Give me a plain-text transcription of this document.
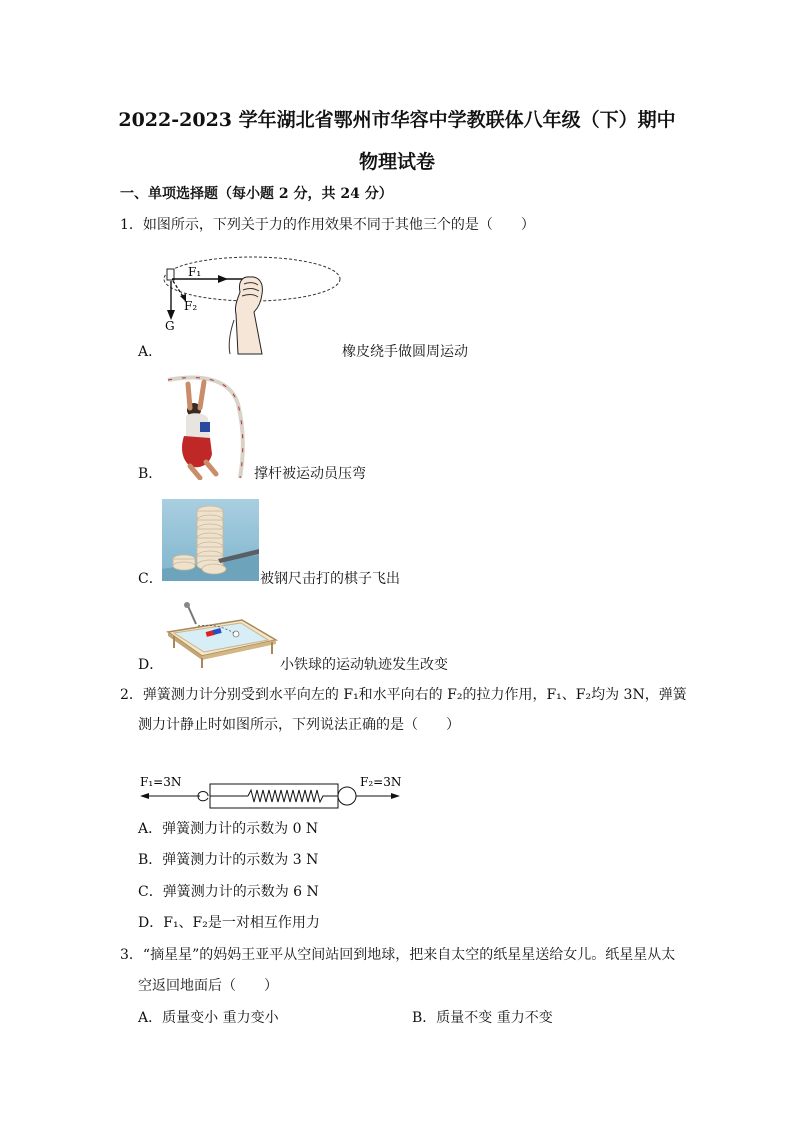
2022-2023 学年湖北省鄂州市华容中学教联体八年级（下）期中
物理试卷
一、单项选择题（每小题 2 分，共 24 分）
1．如图所示，下列关于力的作用效果不同于其他三个的是（　　）
F₁
F₂
G
A．	橡皮绕手做圆周运动
B．	撑杆被运动员压弯
C．	被钢尺击打的棋子飞出
D．	小铁球的运动轨迹发生改变
2．弹簧测力计分别受到水平向左的 F₁和水平向右的 F₂的拉力作用，F₁、F₂均为 3N，弹簧
测力计静止时如图所示，下列说法正确的是（　　）
F₁=3N	F₂=3N
A．弹簧测力计的示数为 0 N
B．弹簧测力计的示数为 3 N
C．弹簧测力计的示数为 6 N
D．F₁、F₂是一对相互作用力
3．“摘星星”的妈妈王亚平从空间站回到地球，把来自太空的纸星星送给女儿。纸星星从太
空返回地面后（　　）
A．质量变小 重力变小	B．质量不变 重力不变
